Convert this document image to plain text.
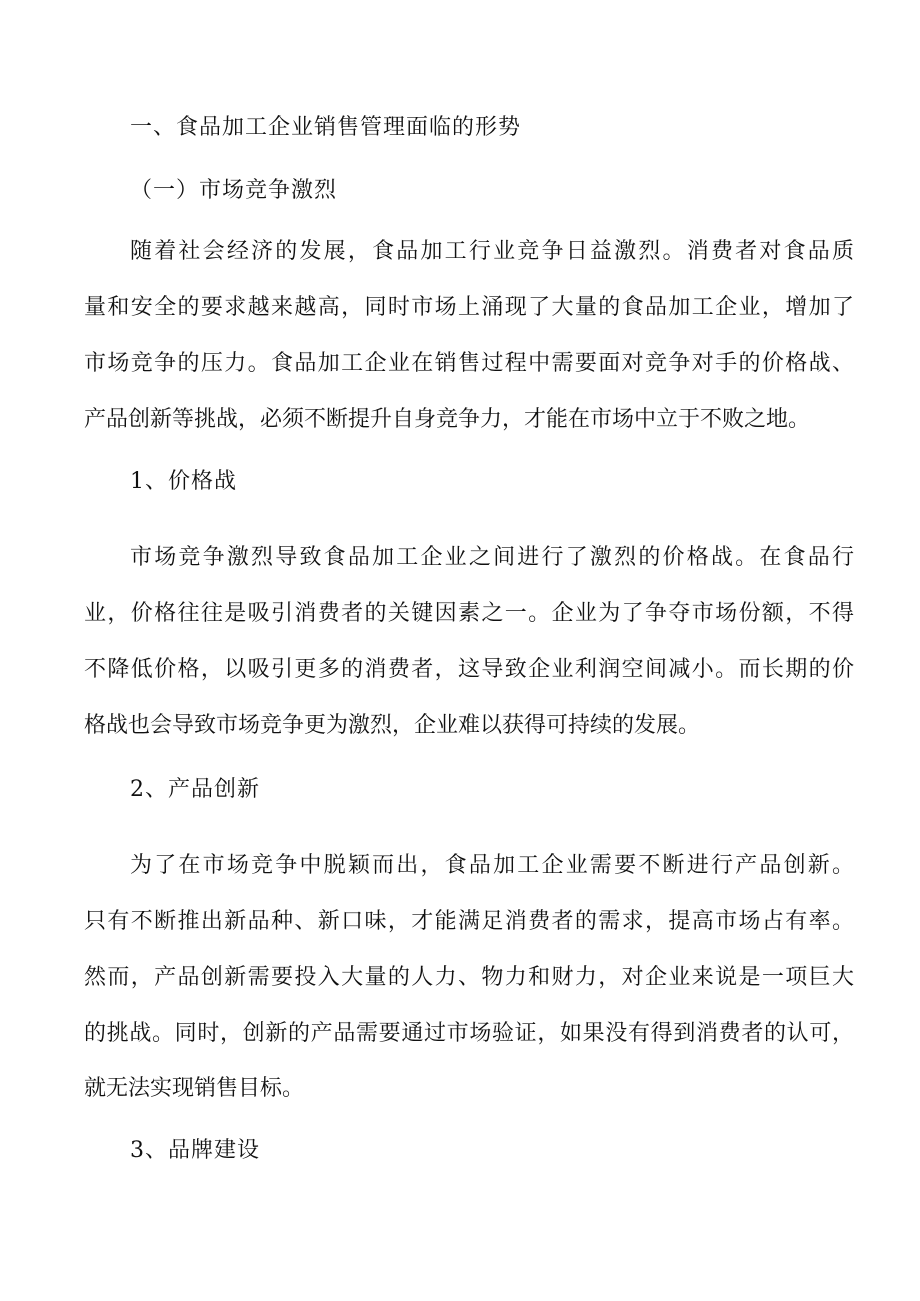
一、食品加工企业销售管理面临的形势
（一）市场竞争激烈
随着社会经济的发展，食品加工行业竞争日益激烈。消费者对食品质
量和安全的要求越来越高，同时市场上涌现了大量的食品加工企业，增加了
市场竞争的压力。食品加工企业在销售过程中需要面对竞争对手的价格战、
产品创新等挑战，必须不断提升自身竞争力，才能在市场中立于不败之地。
1、价格战
市场竞争激烈导致食品加工企业之间进行了激烈的价格战。在食品行
业，价格往往是吸引消费者的关键因素之一。企业为了争夺市场份额，不得
不降低价格，以吸引更多的消费者，这导致企业利润空间减小。而长期的价
格战也会导致市场竞争更为激烈，企业难以获得可持续的发展。
2、产品创新
为了在市场竞争中脱颖而出，食品加工企业需要不断进行产品创新。
只有不断推出新品种、新口味，才能满足消费者的需求，提高市场占有率。
然而，产品创新需要投入大量的人力、物力和财力，对企业来说是一项巨大
的挑战。同时，创新的产品需要通过市场验证，如果没有得到消费者的认可，
就无法实现销售目标。
3、品牌建设
